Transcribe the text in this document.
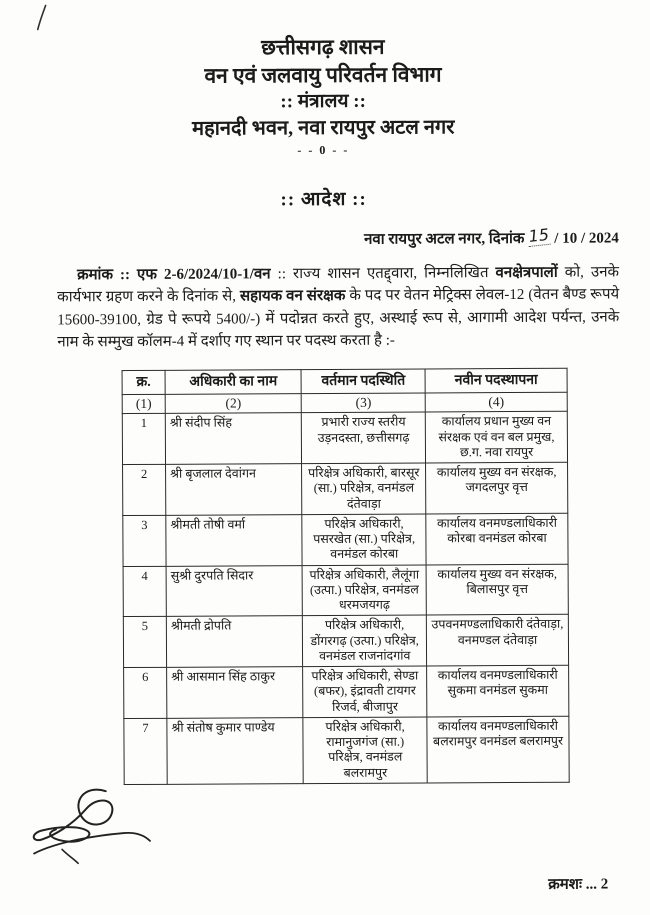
छत्तीसगढ़ शासन
वन एवं जलवायु परिवर्तन विभाग
:: मंत्रालय ::
महानदी भवन, नवा रायपुर अटल नगर
- - 0 - -
:: आदेश ::
नवा रायपुर अटल नगर, दिनांक 15 / 10 / 2024
क्रमांक :: एफ 2-6/2024/10-1/वन :: राज्य शासन एतद्द्वारा, निम्नलिखित वनक्षेत्रपालों को, उनके कार्यभार ग्रहण करने के दिनांक से, सहायक वन संरक्षक के पद पर वेतन मेट्रिक्स लेवल-12 (वेतन बैण्ड रूपये 15600-39100, ग्रेड पे रूपये 5400/-) में पदोन्नत करते हुए, अस्थाई रूप से, आगामी आदेश पर्यन्त, उनके नाम के सम्मुख कॉलम-4 में दर्शाए गए स्थान पर पदस्थ करता है :-
क्र.	अधिकारी का नाम	वर्तमान पदस्थिति	नवीन पदस्थापना
(1)	(2)	(3)	(4)
1	श्री संदीप सिंह	प्रभारी राज्य स्तरीय उड़नदस्ता, छत्तीसगढ़	कार्यालय प्रधान मुख्य वन संरक्षक एवं वन बल प्रमुख, छ.ग. नवा रायपुर
2	श्री बृजलाल देवांगन	परिक्षेत्र अधिकारी, बारसूर (सा.) परिक्षेत्र, वनमंडल दंतेवाड़ा	कार्यालय मुख्य वन संरक्षक, जगदलपुर वृत्त
3	श्रीमती तोषी वर्मा	परिक्षेत्र अधिकारी, पसरखेत (सा.) परिक्षेत्र, वनमंडल कोरबा	कार्यालय वनमण्डलाधिकारी कोरबा वनमंडल कोरबा
4	सुश्री दुरपति सिदार	परिक्षेत्र अधिकारी, लैलूंगा (उत्पा.) परिक्षेत्र, वनमंडल धरमजयगढ़	कार्यालय मुख्य वन संरक्षक, बिलासपुर वृत्त
5	श्रीमती द्रोपति	परिक्षेत्र अधिकारी, डोंगरगढ़ (उत्पा.) परिक्षेत्र, वनमंडल राजनांदगांव	उपवनमण्डलाधिकारी दंतेवाड़ा, वनमण्डल दंतेवाड़ा
6	श्री आसमान सिंह ठाकुर	परिक्षेत्र अधिकारी, सेण्डा (बफर), इंद्रावती टायगर रिजर्व, बीजापुर	कार्यालय वनमण्डलाधिकारी सुकमा वनमंडल सुकमा
7	श्री संतोष कुमार पाण्डेय	परिक्षेत्र अधिकारी, रामानुजगंज (सा.) परिक्षेत्र, वनमंडल बलरामपुर	कार्यालय वनमण्डलाधिकारी बलरामपुर वनमंडल बलरामपुर
क्रमशः ... 2
